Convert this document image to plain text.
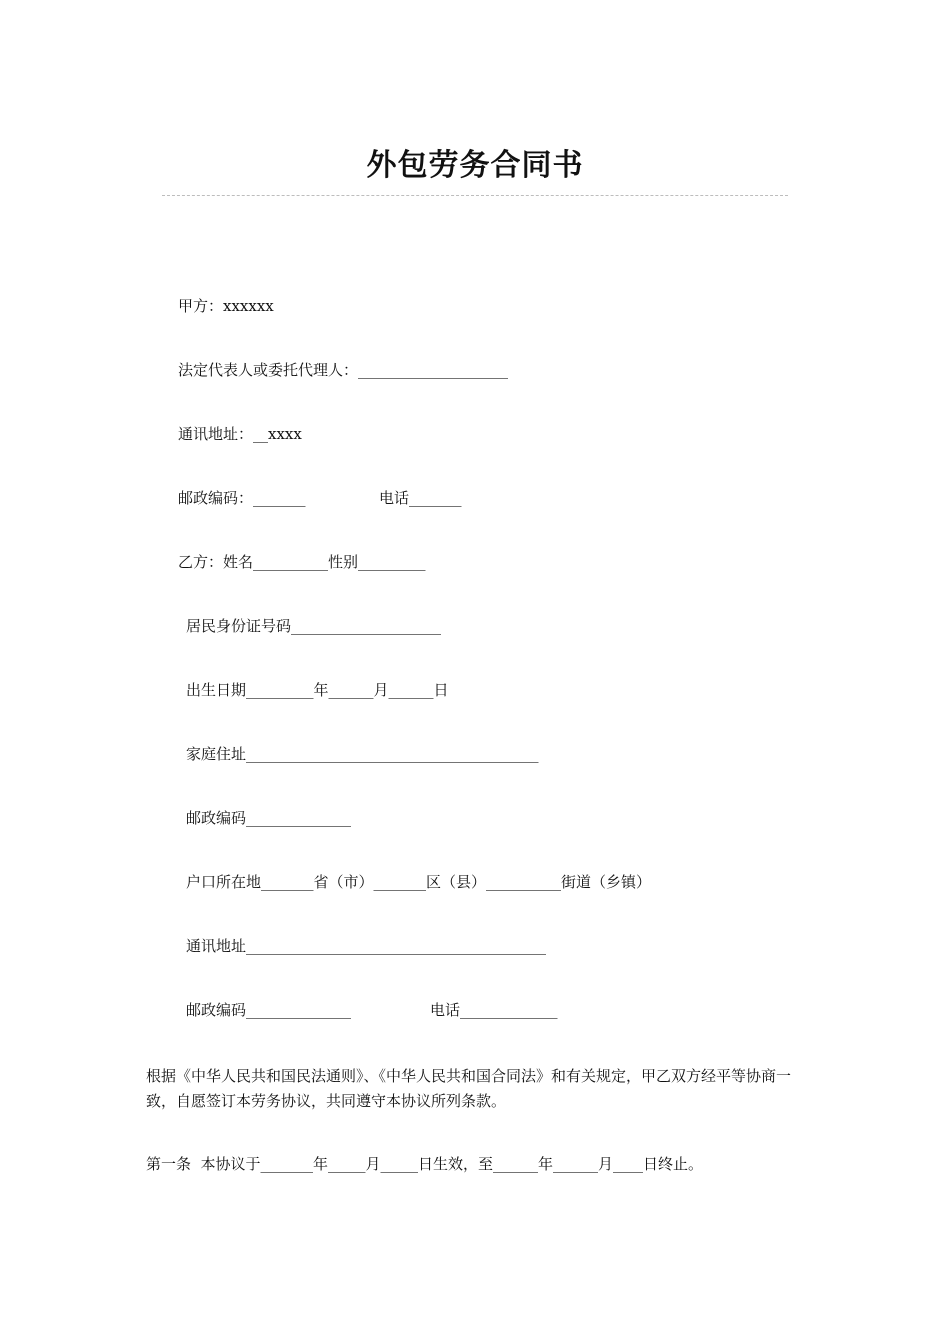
外包劳务合同书
甲方：xxxxxx
法定代表人或委托代理人：____________________
通讯地址：__xxxx
邮政编码：_______	电话_______
乙方：姓名__________性别_________
居民身份证号码____________________
出生日期_________年______月______日
家庭住址_______________________________________
邮政编码______________
户口所在地_______省（市）_______区（县）__________街道（乡镇）
通讯地址________________________________________
邮政编码______________	电话_____________
根据《中华人民共和国民法通则》、《中华人民共和国合同法》和有关规定，甲乙双方经平等协商一致，自愿签订本劳务协议，共同遵守本协议所列条款。
第一条  本协议于_______年_____月_____日生效，至______年______月____日终止。
